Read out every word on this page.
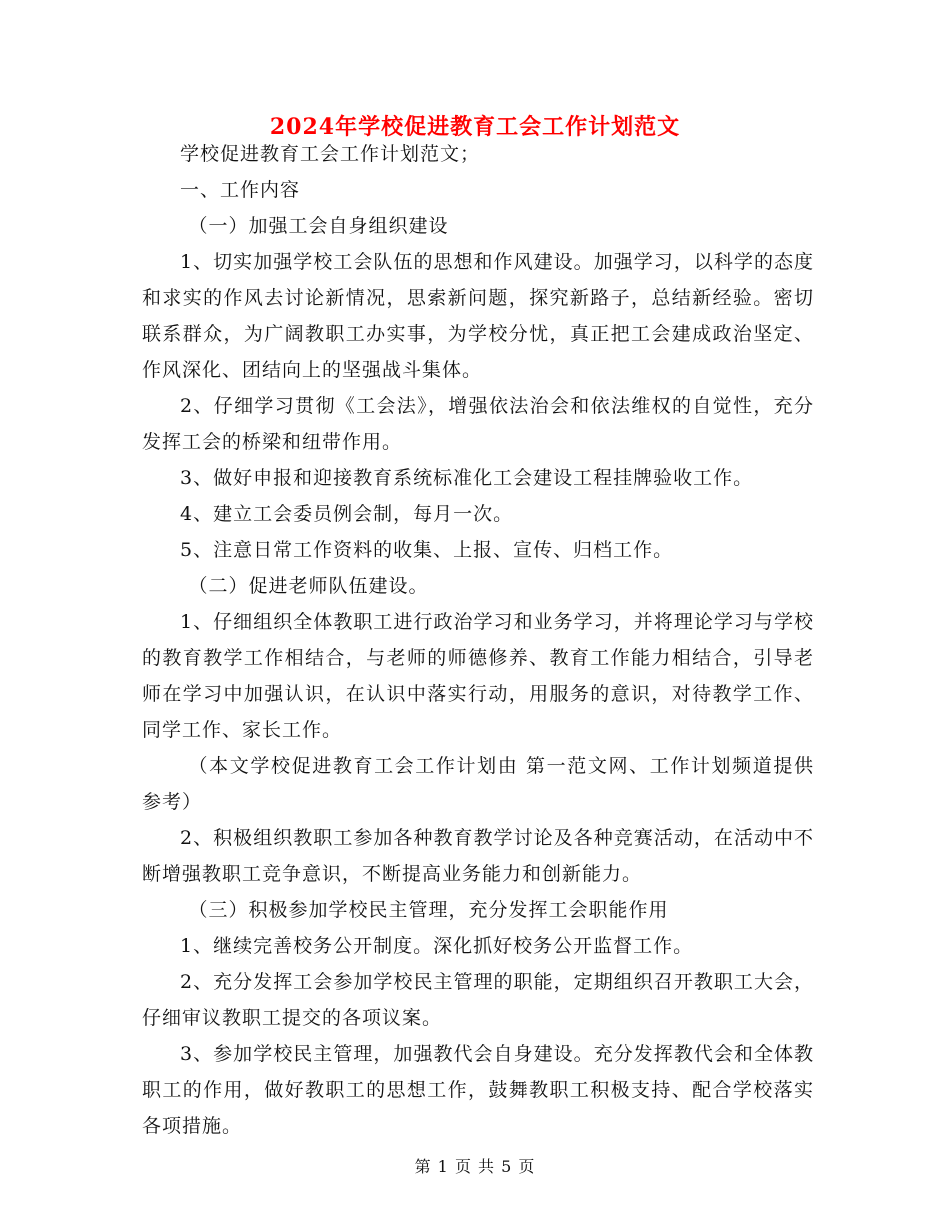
2024年学校促进教育工会工作计划范文

学校促进教育工会工作计划范文；

一、工作内容

（一）加强工会自身组织建设

1、切实加强学校工会队伍的思想和作风建设。加强学习，以科学的态度和求实的作风去讨论新情况，思索新问题，探究新路子，总结新经验。密切联系群众，为广阔教职工办实事，为学校分忧，真正把工会建成政治坚定、作风深化、团结向上的坚强战斗集体。

2、仔细学习贯彻《工会法》，增强依法治会和依法维权的自觉性，充分发挥工会的桥梁和纽带作用。

3、做好申报和迎接教育系统标准化工会建设工程挂牌验收工作。

4、建立工会委员例会制，每月一次。

5、注意日常工作资料的收集、上报、宣传、归档工作。

（二）促进老师队伍建设。

1、仔细组织全体教职工进行政治学习和业务学习，并将理论学习与学校的教育教学工作相结合，与老师的师德修养、教育工作能力相结合，引导老师在学习中加强认识，在认识中落实行动，用服务的意识，对待教学工作、同学工作、家长工作。

（本文学校促进教育工会工作计划由 第一范文网、工作计划频道提供参考）

2、积极组织教职工参加各种教育教学讨论及各种竞赛活动，在活动中不断增强教职工竞争意识，不断提高业务能力和创新能力。

（三）积极参加学校民主管理，充分发挥工会职能作用

1、继续完善校务公开制度。深化抓好校务公开监督工作。

2、充分发挥工会参加学校民主管理的职能，定期组织召开教职工大会，仔细审议教职工提交的各项议案。

3、参加学校民主管理，加强教代会自身建设。充分发挥教代会和全体教职工的作用，做好教职工的思想工作，鼓舞教职工积极支持、配合学校落实各项措施。

第 1 页 共 5 页
